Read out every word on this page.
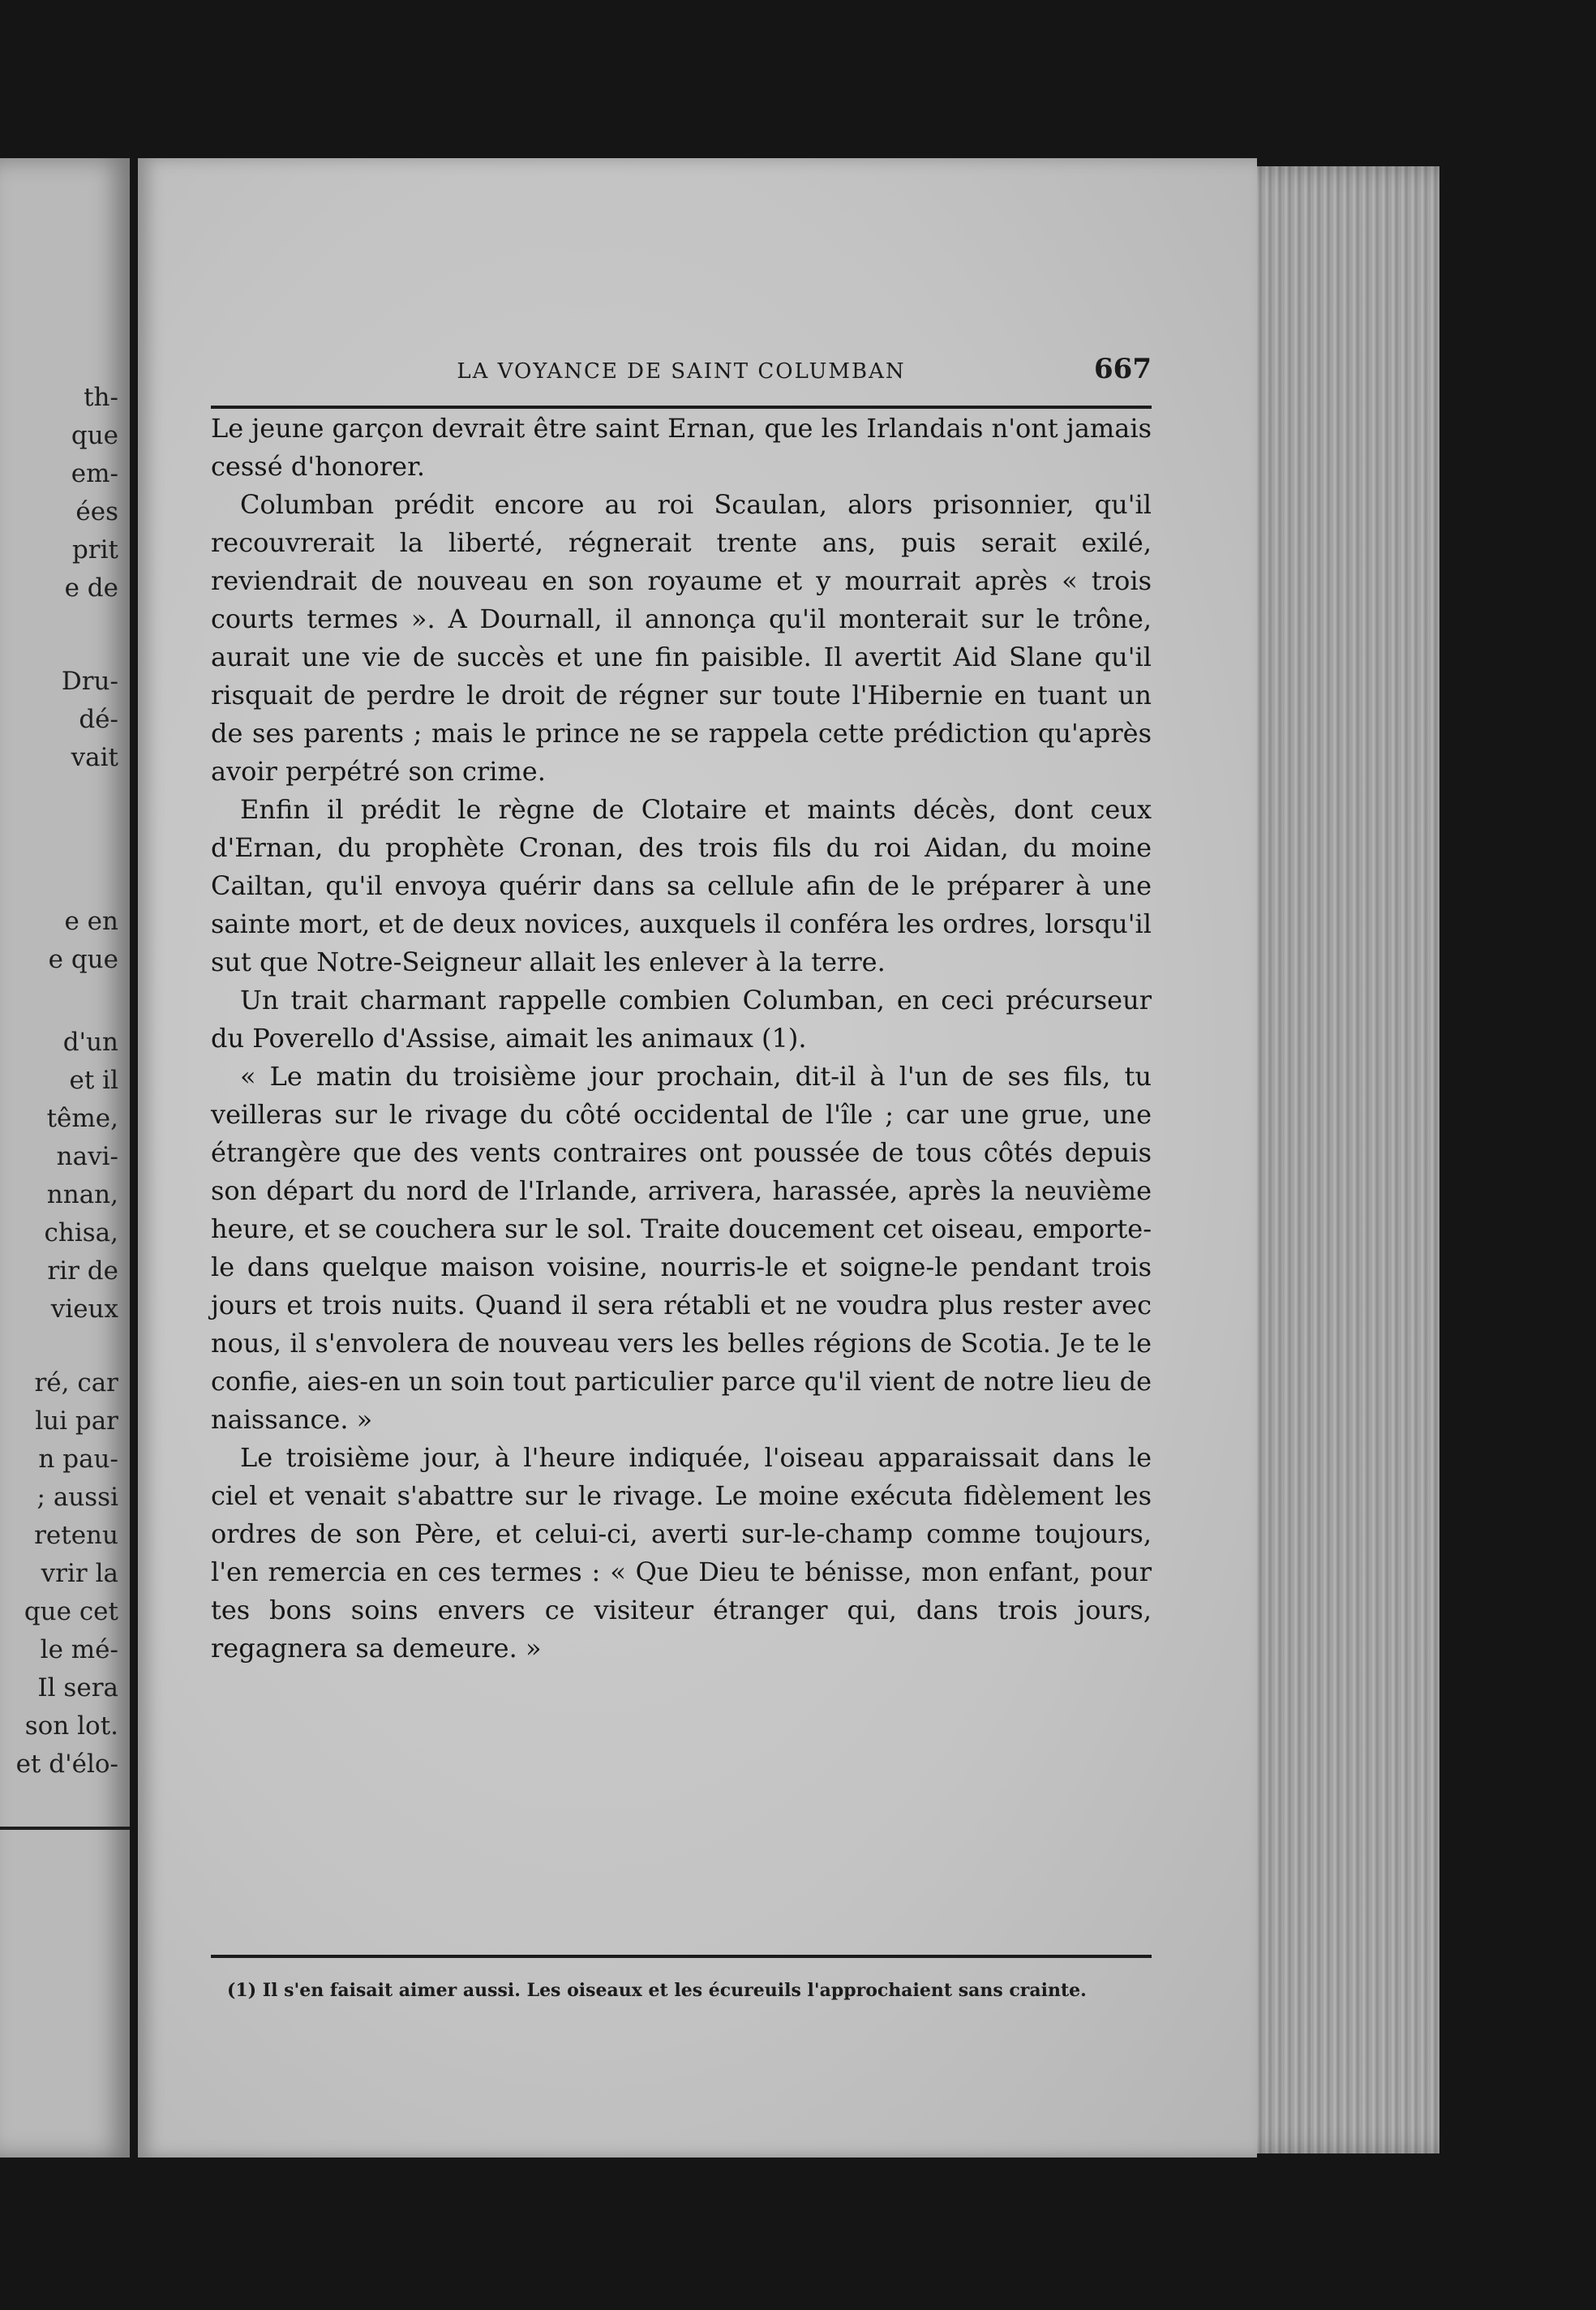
th-
que
em-
ées
prit
e de
Dru-
dé-
vait
e en
e que
d'un
et il
tême,
navi-
nnan,
chisa,
rir de
vieux
ré, car
lui par
n pau-
; aussi
retenu
vrir la
que cet
le mé-
Il sera
son lot.
et d'élo-
LA VOYANCE DE SAINT COLUMBAN	667

Le jeune garçon devrait être saint Ernan, que les Irlandais n'ont jamais cessé d'honorer.

Columban prédit encore au roi Scaulan, alors prisonnier, qu'il recouvrerait la liberté, régnerait trente ans, puis serait exilé, reviendrait de nouveau en son royaume et y mourrait après « trois courts termes ». A Dournall, il annonça qu'il monterait sur le trône, aurait une vie de succès et une fin paisible. Il avertit Aid Slane qu'il risquait de perdre le droit de régner sur toute l'Hibernie en tuant un de ses parents ; mais le prince ne se rappela cette prédiction qu'après avoir perpétré son crime.

Enfin il prédit le règne de Clotaire et maints décès, dont ceux d'Ernan, du prophète Cronan, des trois fils du roi Aidan, du moine Cailtan, qu'il envoya quérir dans sa cellule afin de le préparer à une sainte mort, et de deux novices, auxquels il conféra les ordres, lorsqu'il sut que Notre-Seigneur allait les enlever à la terre.

Un trait charmant rappelle combien Columban, en ceci précurseur du Poverello d'Assise, aimait les animaux (1).

« Le matin du troisième jour prochain, dit-il à l'un de ses fils, tu veilleras sur le rivage du côté occidental de l'île ; car une grue, une étrangère que des vents contraires ont poussée de tous côtés depuis son départ du nord de l'Irlande, arrivera, harassée, après la neuvième heure, et se couchera sur le sol. Traite doucement cet oiseau, emporte-le dans quelque maison voisine, nourris-le et soigne-le pendant trois jours et trois nuits. Quand il sera rétabli et ne voudra plus rester avec nous, il s'envolera de nouveau vers les belles régions de Scotia. Je te le confie, aies-en un soin tout particulier parce qu'il vient de notre lieu de naissance. »

Le troisième jour, à l'heure indiquée, l'oiseau apparaissait dans le ciel et venait s'abattre sur le rivage. Le moine exécuta fidèlement les ordres de son Père, et celui-ci, averti sur-le-champ comme toujours, l'en remercia en ces termes : « Que Dieu te bénisse, mon enfant, pour tes bons soins envers ce visiteur étranger qui, dans trois jours, regagnera sa demeure. »

(1) Il s'en faisait aimer aussi. Les oiseaux et les écureuils l'approchaient sans crainte.
